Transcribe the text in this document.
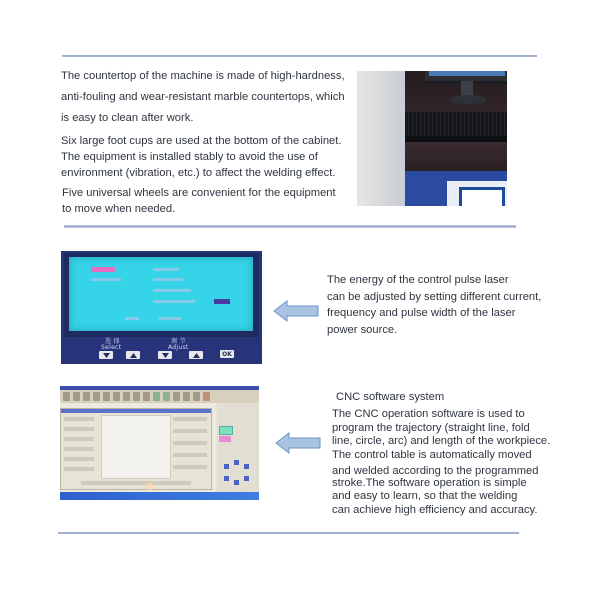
The countertop of the machine is made of high-hardness,

anti-fouling and wear-resistant marble countertops, which

is easy to clean after work.

Six large foot cups are used at the bottom of the cabinet.

The equipment is installed stably to avoid the use of

environment (vibration, etc.) to affect the welding effect.

Five universal wheels are convenient for the equipment

to move when needed.

选 择
Select
调 节
Adjust
OK

The energy of the control pulse laser

can be adjusted by setting different current,

frequency and pulse width of the laser

power source.

CNC software system

The CNC operation software is used to

program the trajectory (straight line, fold

line, circle, arc) and length of the workpiece.

The control table is automatically moved

and welded according to the programmed

stroke.The software operation is simple

and easy to learn, so that the welding

can achieve high efficiency and accuracy.
